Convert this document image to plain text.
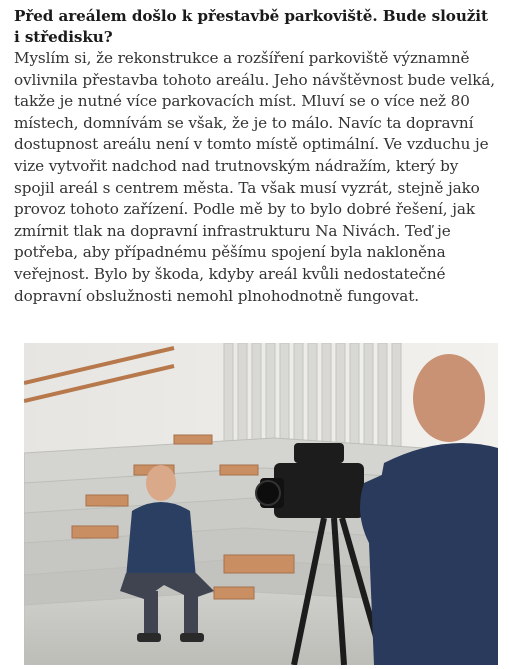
Před areálem došlo k přestavbě parkoviště. Bude sloužit i středisku?

Myslím si, že rekonstrukce a rozšíření parkoviště významně ovlivnila přestavba tohoto areálu. Jeho návštěvnost bude velká, takže je nutné více parkovacích míst. Mluví se o více než 80 místech, domnívám se však, že je to málo. Navíc ta dopravní dostupnost areálu není v tomto místě optimální. Ve vzduchu je vize vytvořit nadchod nad trutnovským nádražím, který by spojil areál s centrem města. Ta však musí vyzrát, stejně jako provoz tohoto zařízení. Podle mě by to bylo dobré řešení, jak zmírnit tlak na dopravní infrastrukturu Na Nivách. Teď je potřeba, aby případnému pěšímu spojení byla nakloněna veřejnost. Bylo by škoda, kdyby areál kvůli nedostatečné dopravní obslužnosti nemohl plnohodnotně fungovat.
